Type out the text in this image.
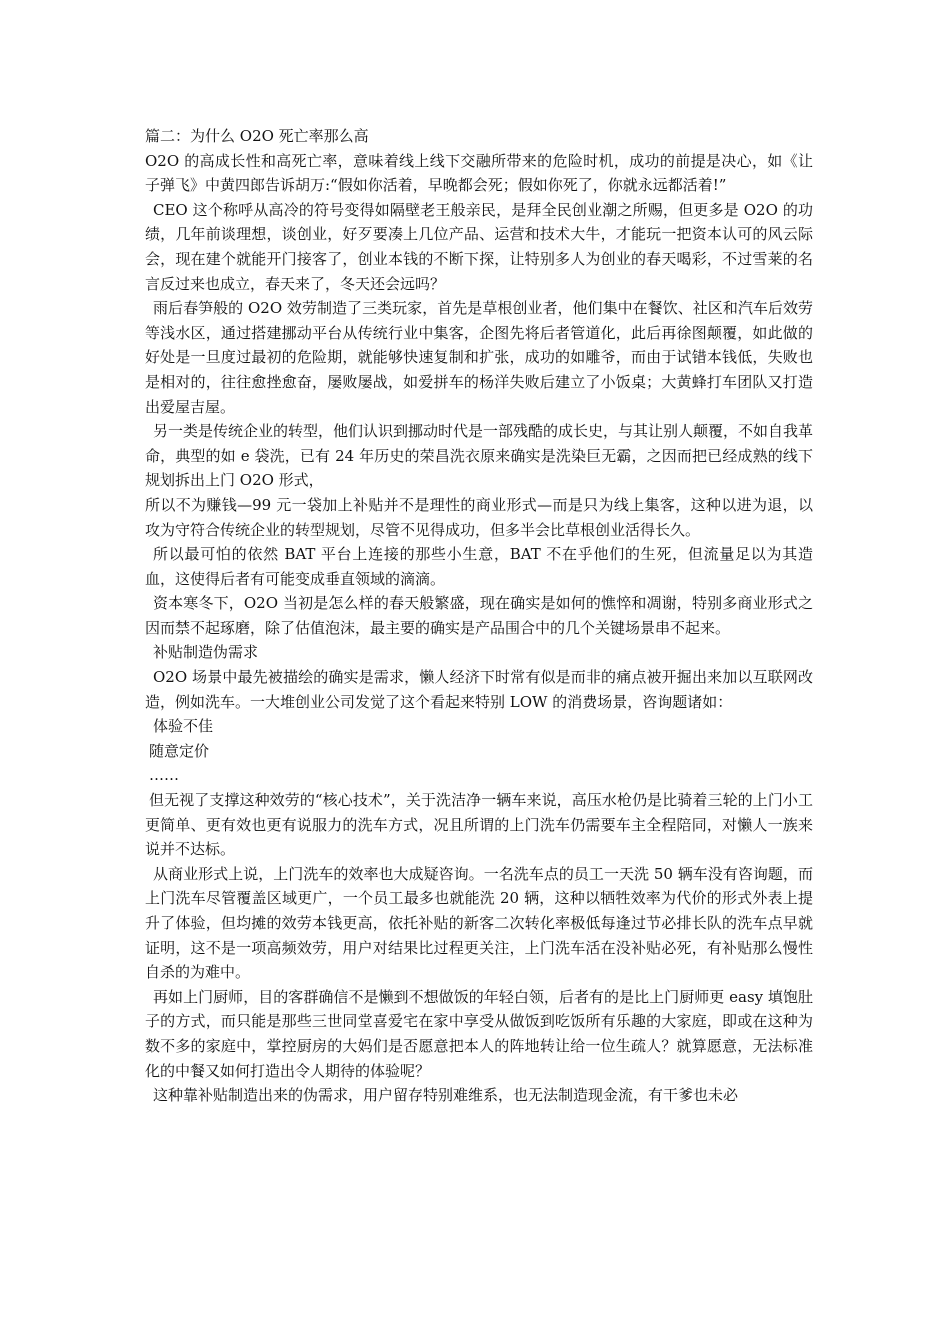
篇二：为什么 O2O 死亡率那么高

O2O 的高成长性和高死亡率，意味着线上线下交融所带来的危险时机，成功的前提是决心，如《让子弹飞》中黄四郎告诉胡万:“假如你活着，早晚都会死；假如你死了，你就永远都活着!”

CEO 这个称呼从高冷的符号变得如隔壁老王般亲民，是拜全民创业潮之所赐，但更多是 O2O 的功绩，几年前谈理想，谈创业，好歹要凑上几位产品、运营和技术大牛，才能玩一把资本认可的风云际会，现在建个就能开门接客了，创业本钱的不断下探，让特别多人为创业的春天喝彩，不过雪莱的名言反过来也成立，春天来了，冬天还会远吗？

雨后春笋般的 O2O 效劳制造了三类玩家，首先是草根创业者，他们集中在餐饮、社区和汽车后效劳等浅水区，通过搭建挪动平台从传统行业中集客，企图先将后者管道化，此后再徐图颠覆，如此做的好处是一旦度过最初的危险期，就能够快速复制和扩张，成功的如雕爷，而由于试错本钱低，失败也是相对的，往往愈挫愈奋，屡败屡战，如爱拼车的杨洋失败后建立了小饭桌；大黄蜂打车团队又打造出爱屋吉屋。

另一类是传统企业的转型，他们认识到挪动时代是一部残酷的成长史，与其让别人颠覆，不如自我革命，典型的如 e 袋洗，已有 24 年历史的荣昌洗衣原来确实是洗染巨无霸，之因而把已经成熟的线下规划拆出上门 O2O 形式，

所以不为赚钱—99 元一袋加上补贴并不是理性的商业形式—而是只为线上集客，这种以进为退，以攻为守符合传统企业的转型规划，尽管不见得成功，但多半会比草根创业活得长久。

所以最可怕的依然 BAT 平台上连接的那些小生意，BAT 不在乎他们的生死，但流量足以为其造血，这使得后者有可能变成垂直领域的滴滴。

资本寒冬下，O2O 当初是怎么样的春天般繁盛，现在确实是如何的憔悴和凋谢，特别多商业形式之因而禁不起琢磨，除了估值泡沫，最主要的确实是产品围合中的几个关键场景串不起来。

补贴制造伪需求

O2O 场景中最先被描绘的确实是需求，懒人经济下时常有似是而非的痛点被开掘出来加以互联网改造，例如洗车。一大堆创业公司发觉了这个看起来特别 LOW 的消费场景，咨询题诸如：

体验不佳

随意定价

……

但无视了支撑这种效劳的“核心技术”，关于洗洁净一辆车来说，高压水枪仍是比骑着三轮的上门小工更简单、更有效也更有说服力的洗车方式，况且所谓的上门洗车仍需要车主全程陪同，对懒人一族来说并不达标。

从商业形式上说，上门洗车的效率也大成疑咨询。一名洗车点的员工一天洗 50 辆车没有咨询题，而上门洗车尽管覆盖区域更广，一个员工最多也就能洗 20 辆，这种以牺牲效率为代价的形式外表上提升了体验，但均摊的效劳本钱更高，依托补贴的新客二次转化率极低每逢过节必排长队的洗车点早就证明，这不是一项高频效劳，用户对结果比过程更关注，上门洗车活在没补贴必死，有补贴那么慢性自杀的为难中。

再如上门厨师，目的客群确信不是懒到不想做饭的年轻白领，后者有的是比上门厨师更 easy 填饱肚子的方式，而只能是那些三世同堂喜爱宅在家中享受从做饭到吃饭所有乐趣的大家庭，即或在这种为数不多的家庭中，掌控厨房的大妈们是否愿意把本人的阵地转让给一位生疏人？就算愿意，无法标准化的中餐又如何打造出令人期待的体验呢？

这种靠补贴制造出来的伪需求，用户留存特别难维系，也无法制造现金流，有干爹也未必
